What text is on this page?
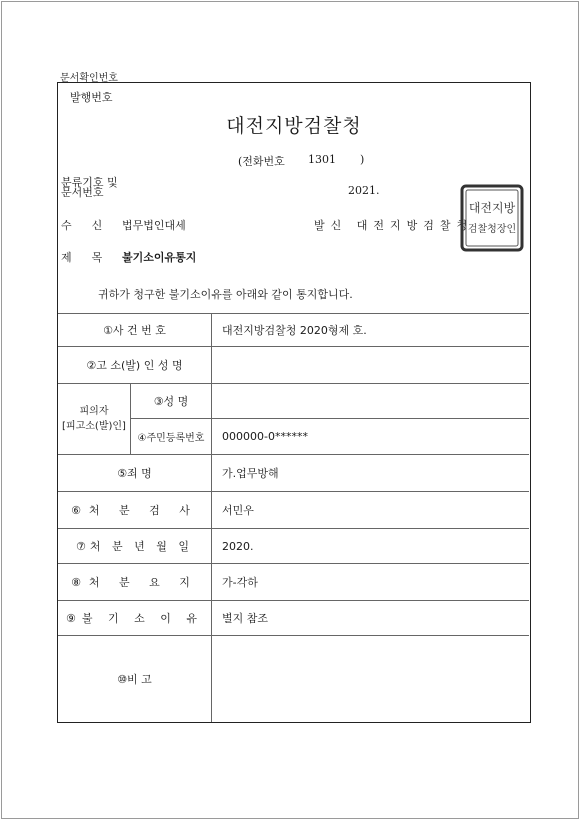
문서확인번호
발행번호
대전지방검찰청
(전화번호 1301 )
분류기호 및
문서번호	2021.
수신 법무법인대세	발신 대전지방검찰청
제목 불기소이유통지
귀하가 청구한 불기소이유를 아래와 같이 통지합니다.
①사 건 번 호		대전지방검찰청 2020형제 호.
②고 소(발) 인 성 명		

피의자
[피고소(발)인]	③성 명	
	④주민등록번호	000000-0******
⑤죄 명		가.업무방해
⑥처 분 검 사		서민우
⑦처 분 년 월 일		2020.
⑧처 분 요 지		가-각하
⑨불 기 소 이 유		별지 참조
⑩비 고		
대전지방
검찰청장인
